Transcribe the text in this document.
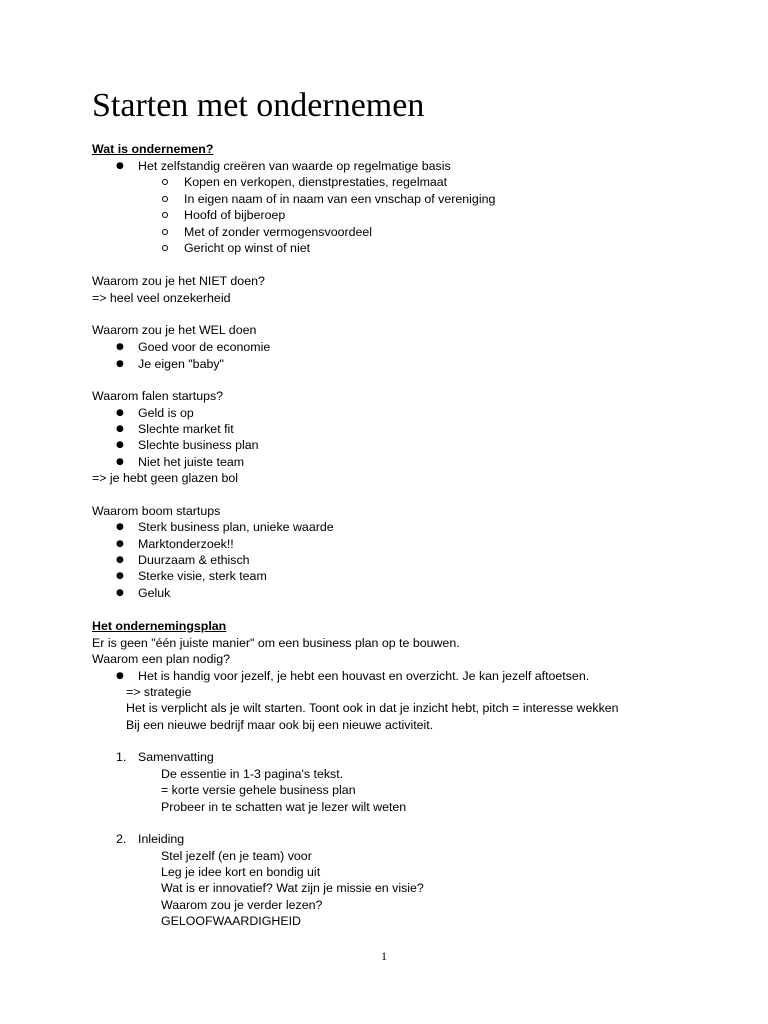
Starten met ondernemen
Wat is ondernemen?
● Het zelfstandig creëren van waarde op regelmatige basis
Kopen en verkopen, dienstprestaties, regelmaat
In eigen naam of in naam van een vnschap of vereniging
Hoofd of bijberoep
Met of zonder vermogensvoordeel
Gericht op winst of niet
Waarom zou je het NIET doen?
=> heel veel onzekerheid
Waarom zou je het WEL doen
● Goed voor de economie
● Je eigen "baby"
Waarom falen startups?
● Geld is op
● Slechte market fit
● Slechte business plan
● Niet het juiste team
=> je hebt geen glazen bol
Waarom boom startups
● Sterk business plan, unieke waarde
● Marktonderzoek!!
● Duurzaam & ethisch
● Sterke visie, sterk team
● Geluk
Het ondernemingsplan
Er is geen "één juiste manier" om een business plan op te bouwen.
Waarom een plan nodig?
● Het is handig voor jezelf, je hebt een houvast en overzicht. Je kan jezelf aftoetsen.
=> strategie
Het is verplicht als je wilt starten. Toont ook in dat je inzicht hebt, pitch = interesse wekken
Bij een nieuwe bedrijf maar ook bij een nieuwe activiteit.
1. Samenvatting
De essentie in 1-3 pagina's tekst.
= korte versie gehele business plan
Probeer in te schatten wat je lezer wilt weten
2. Inleiding
Stel jezelf (en je team) voor
Leg je idee kort en bondig uit
Wat is er innovatief? Wat zijn je missie en visie?
Waarom zou je verder lezen?
GELOOFWAARDIGHEID
1
